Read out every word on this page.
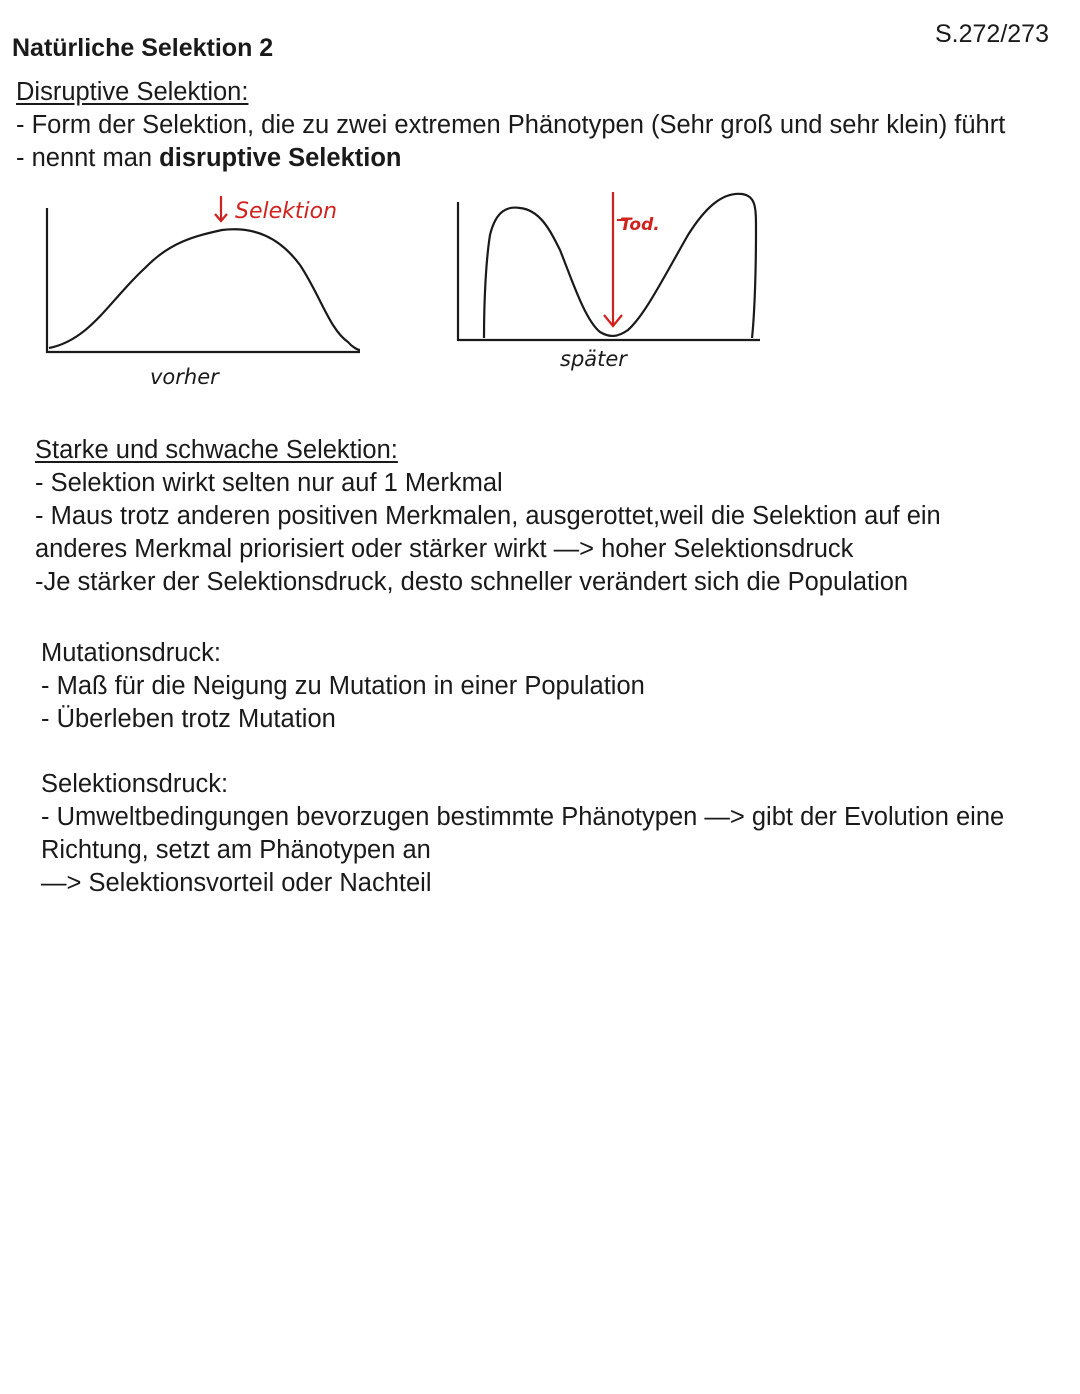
S.272/273
Natürliche Selektion 2
Disruptive Selektion:
- Form der Selektion, die zu zwei extremen Phänotypen (Sehr groß und sehr klein) führt
- nennt man disruptive Selektion
Selektion
vorher
Tod.
später
Starke und schwache Selektion:
- Selektion wirkt selten nur auf 1 Merkmal
- Maus trotz anderen positiven Merkmalen, ausgerottet,weil die Selektion auf ein
anderes Merkmal priorisiert oder stärker wirkt —> hoher Selektionsdruck
-Je stärker der Selektionsdruck, desto schneller verändert sich die Population
Mutationsdruck:
- Maß für die Neigung zu Mutation in einer Population
- Überleben trotz Mutation
Selektionsdruck:
- Umweltbedingungen bevorzugen bestimmte Phänotypen —> gibt der Evolution eine
Richtung, setzt am Phänotypen an
—> Selektionsvorteil oder Nachteil
